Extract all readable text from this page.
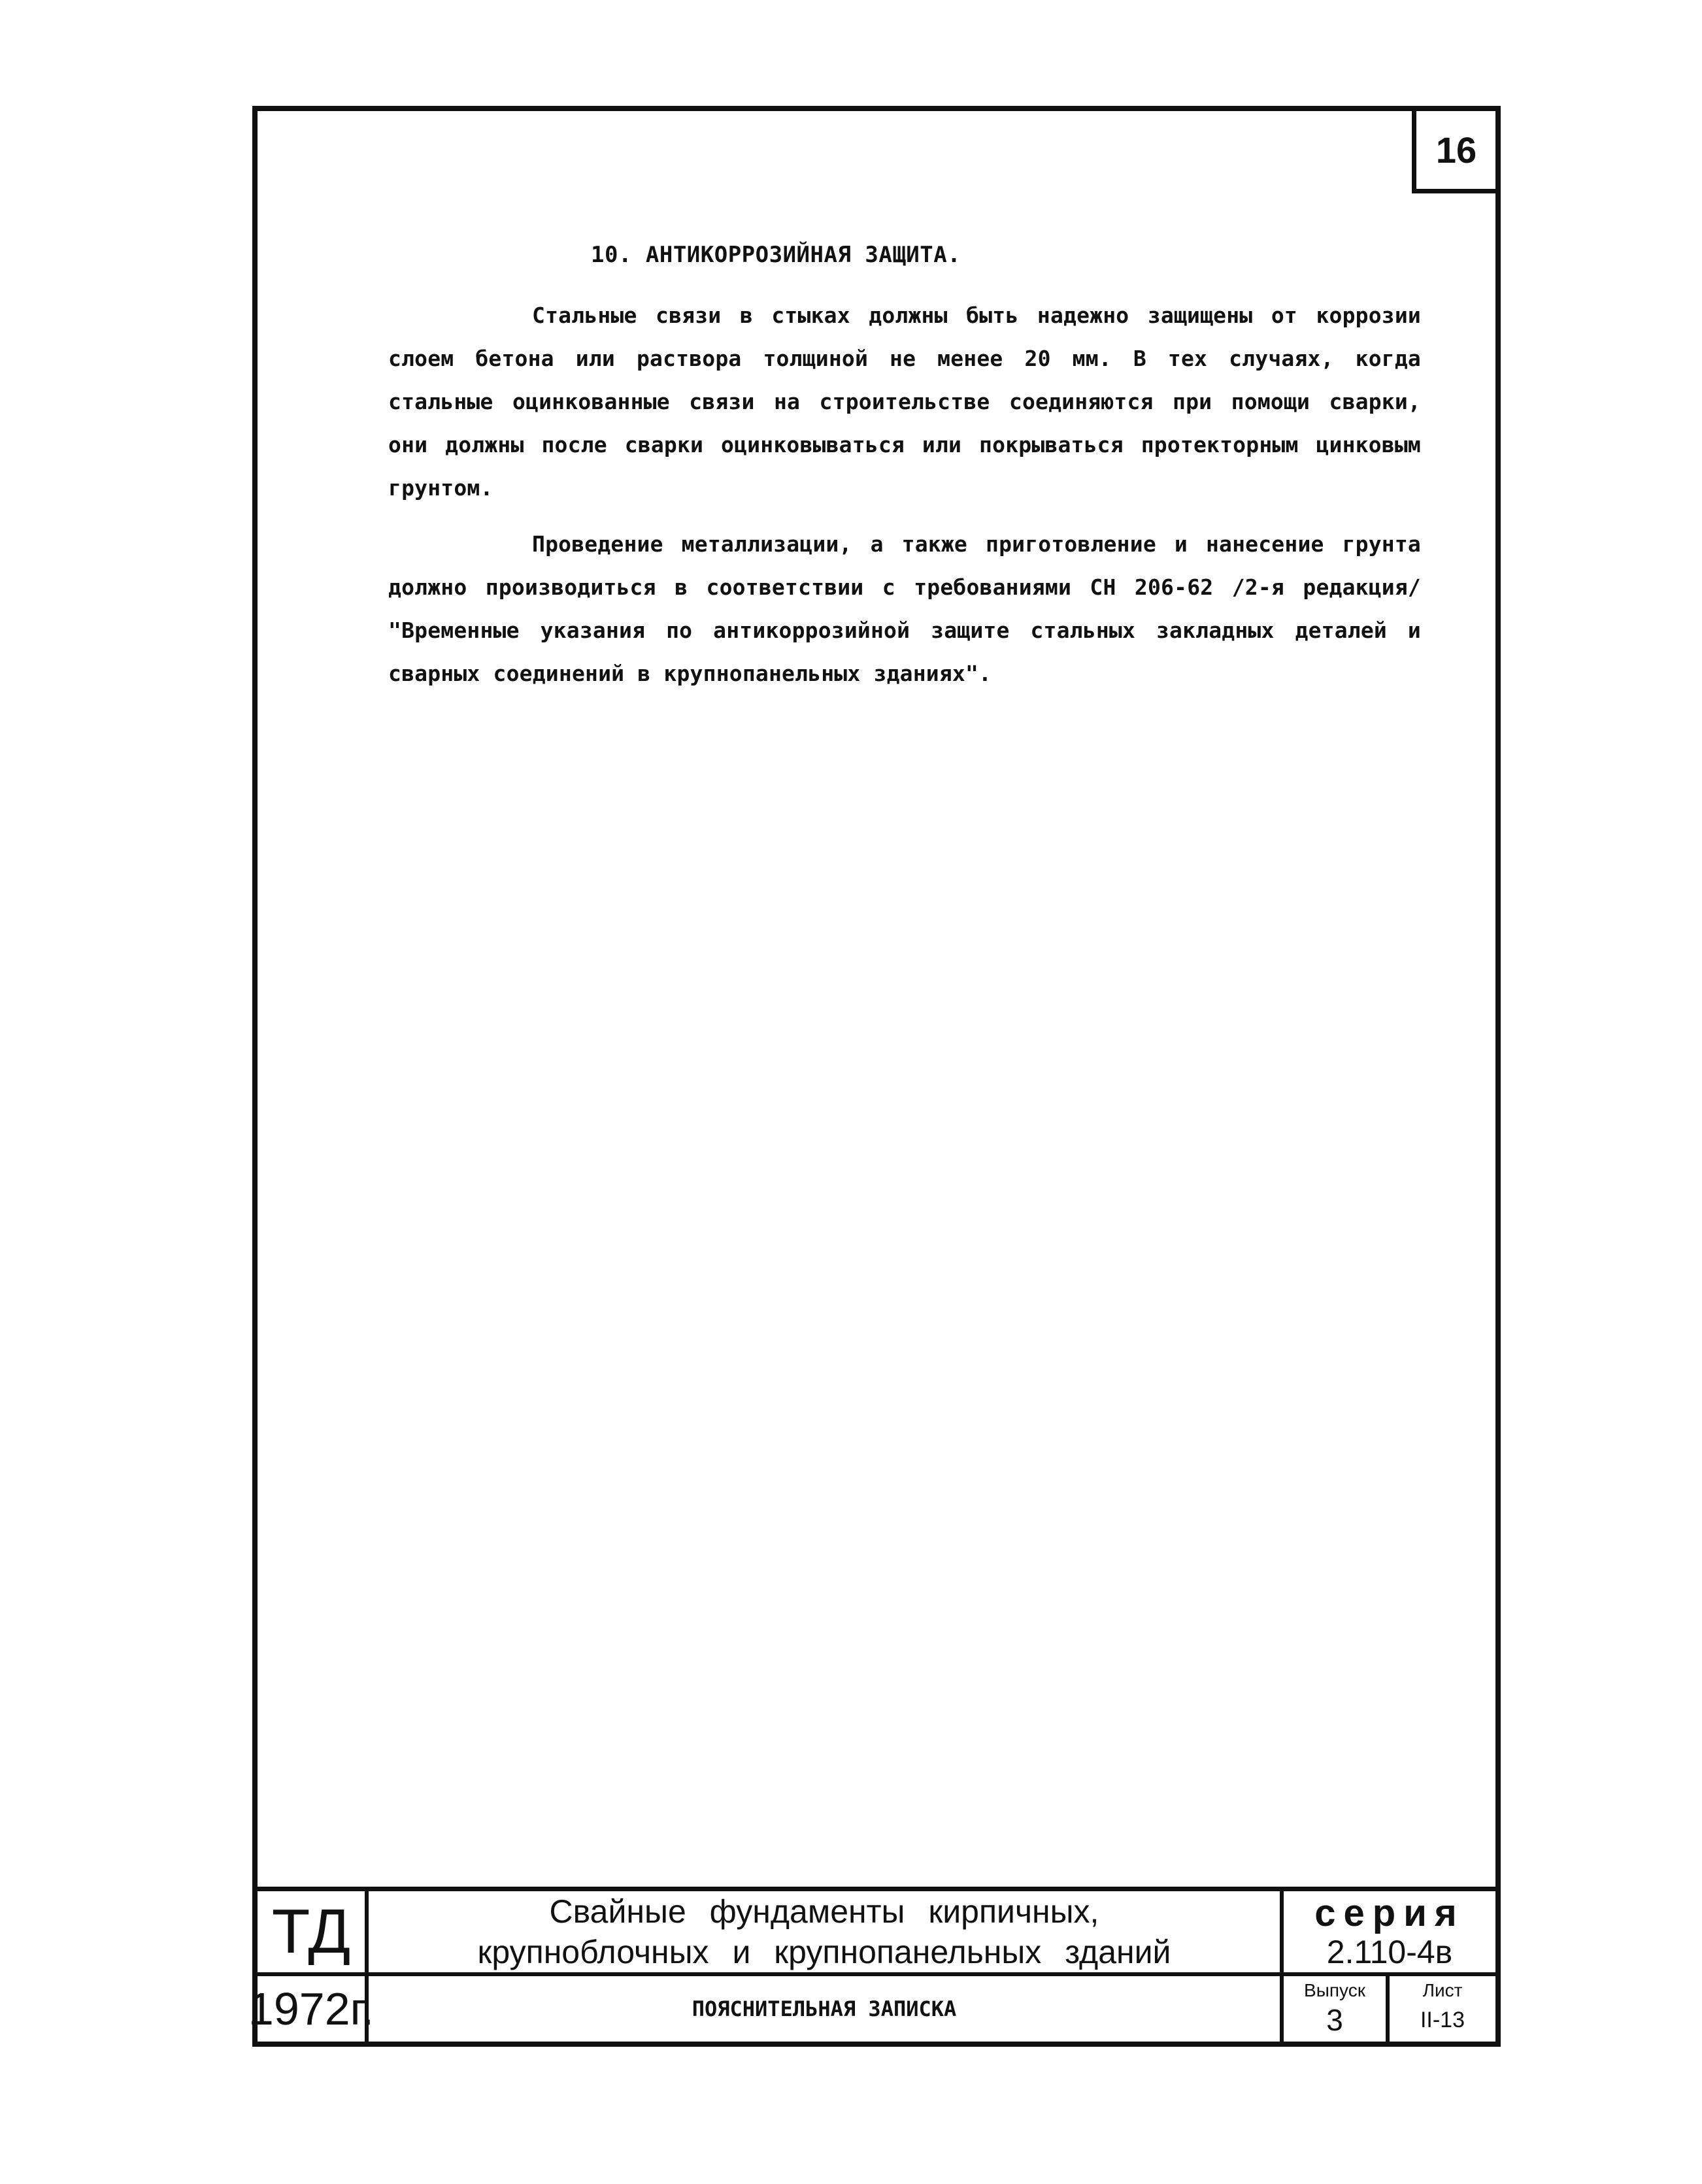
16
10. АНТИКОРРОЗИЙНАЯ ЗАЩИТА.

Стальные связи в стыках должны быть надежно защищены от коррозии слоем бетона или раствора толщиной не менее 20 мм. В тех случаях, когда стальные оцинкованные связи на строительстве соединяются при помощи сварки, они должны после сварки оцинковываться или покрываться протекторным цинковым грунтом.

Проведение металлизации, а также приготовление и нанесение грунта должно производиться в соответствии с требованиями СН 206-62 /2-я редакция/ "Временные указания по антикоррозийной защите стальных закладных деталей и сварных соединений в крупнопанельных зданиях".

ТД
1972г.
Свайные фундаменты кирпичных,
крупноблочных и крупнопанельных зданий
ПОЯСНИТЕЛЬНАЯ ЗАПИСКА
серия
2.110-4в
Выпуск
3
Лист
II-13
